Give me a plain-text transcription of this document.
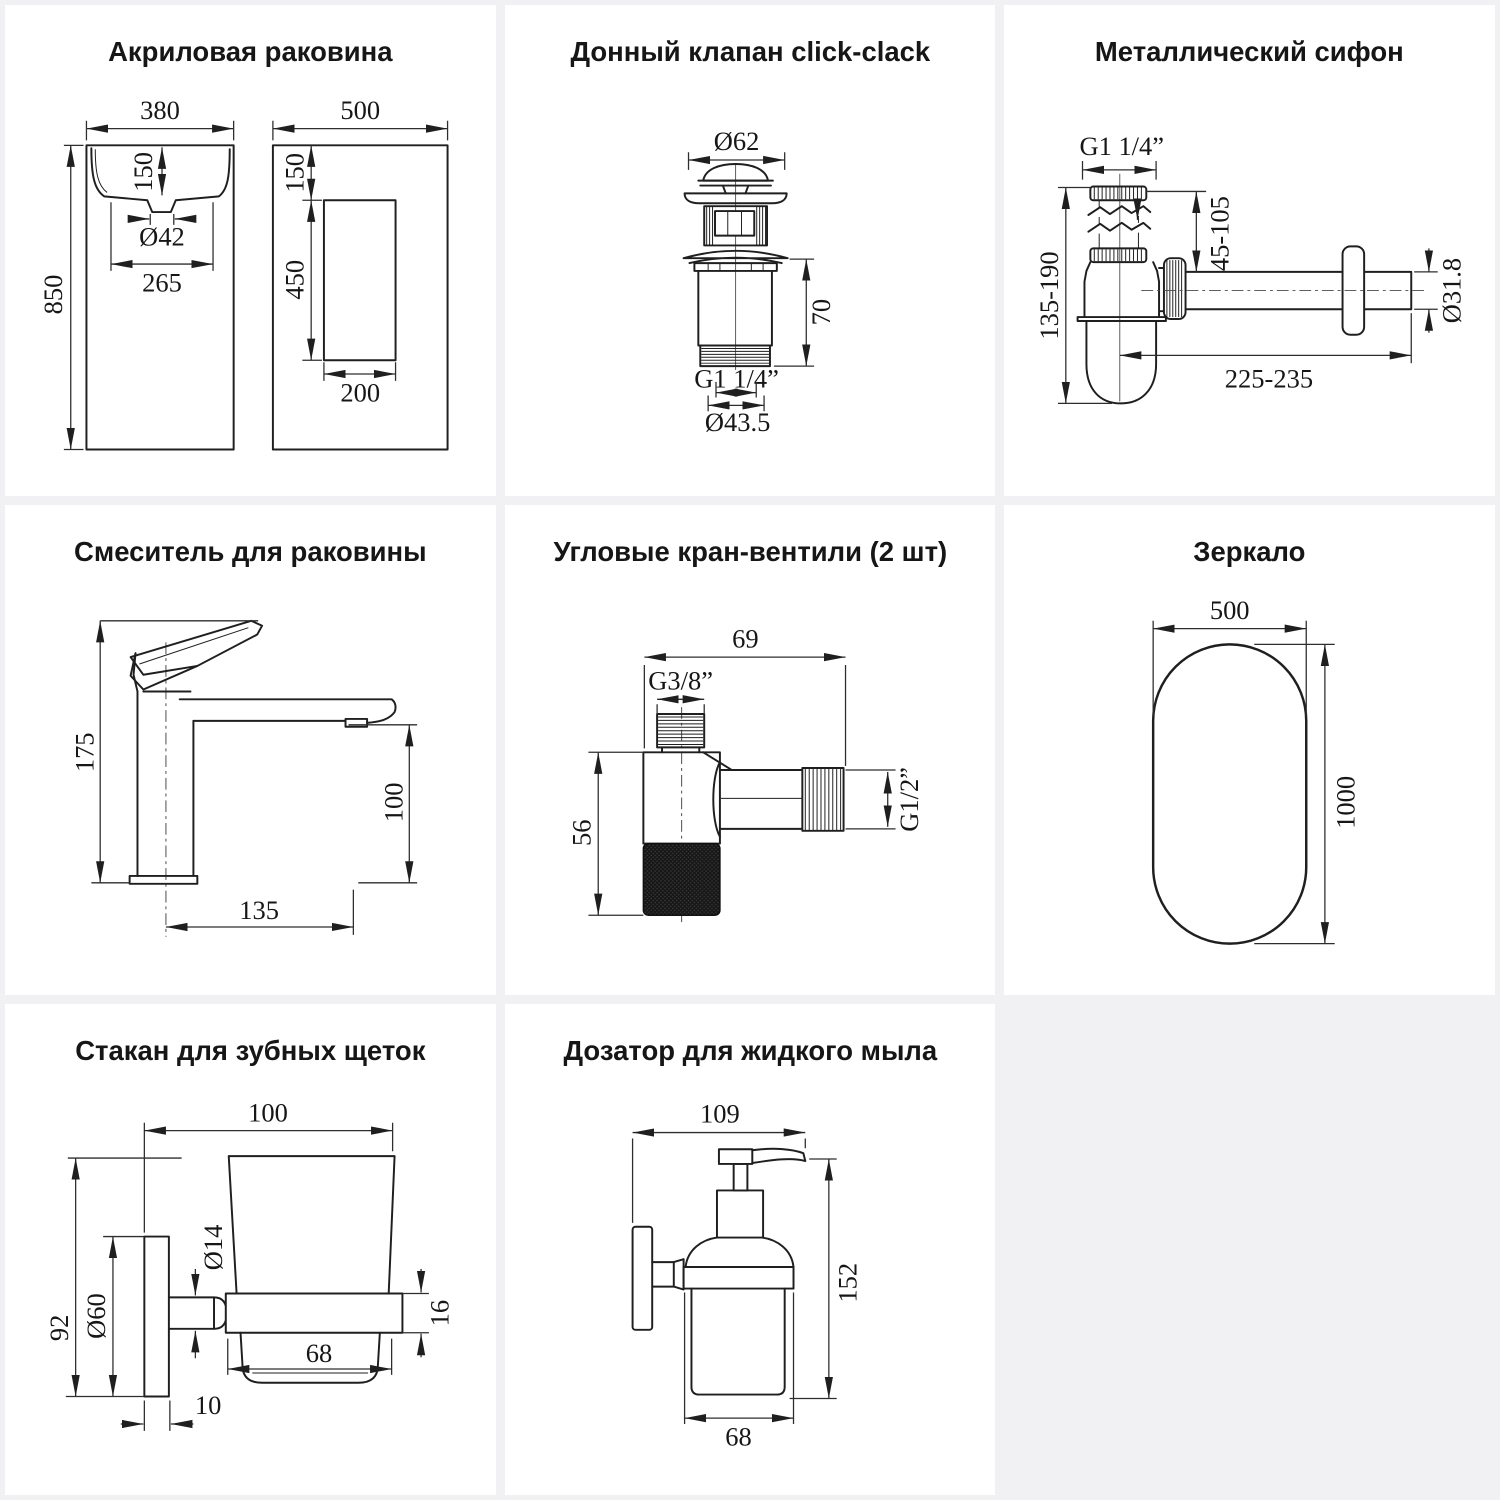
Акриловая раковина
380
850
150
Ø42
265
500
150
450
200
Донный клапан click-clack
Ø62
70
G1 1/4”
Ø43.5
Металлический сифон
G1 1/4”
135-190
45-105
Ø31.8
225-235
Смеситель для раковины
175
100
135
Угловые кран-вентили (2 шт)
69
G3/8”
56
G1/2”
Зеркало
500
1000
Стакан для зубных щеток
100
92 Ø60
Ø14
16
68
10
Дозатор для жидкого мыла
109
152
68
